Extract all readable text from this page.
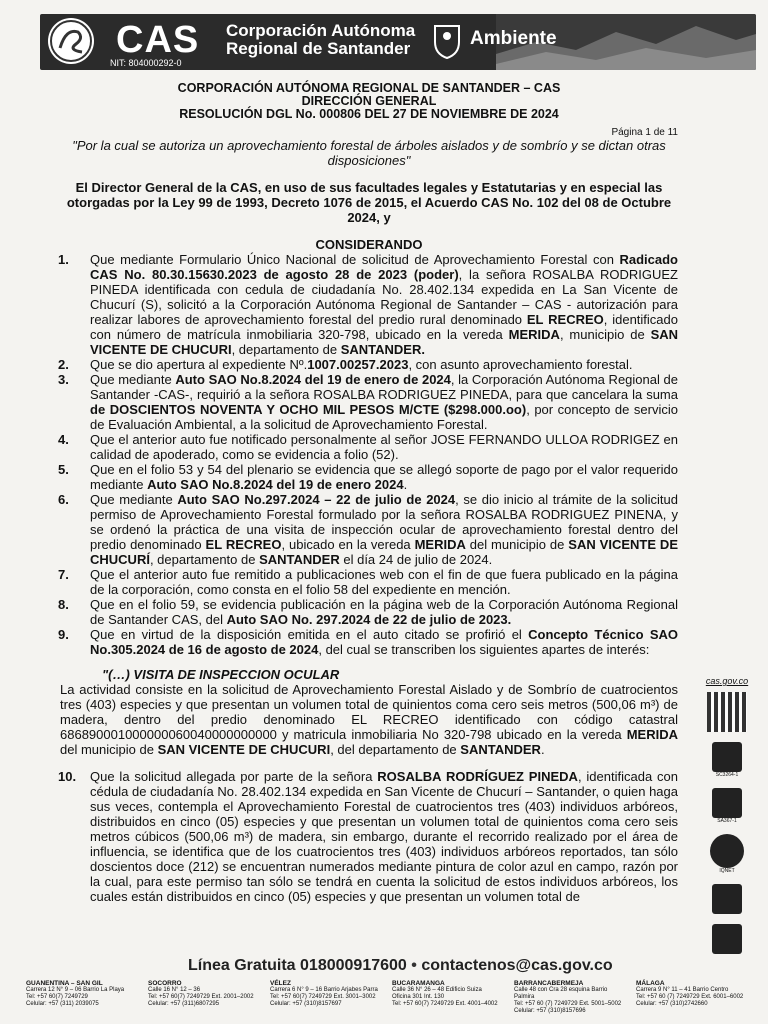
CAS Corporación Autónoma
Regional de Santander
NIT: 804000292-0
Ambiente
CORPORACIÓN AUTÓNOMA REGIONAL DE SANTANDER – CAS
DIRECCIÓN GENERAL
RESOLUCIÓN DGL No. 000806 DEL 27 DE NOVIEMBRE DE 2024
Página 1 de 11
"Por la cual se autoriza un aprovechamiento forestal de árboles aislados y de sombrío y se dictan otras disposiciones"
El Director General de la CAS, en uso de sus facultades legales y Estatutarias y en especial las otorgadas por la Ley 99 de 1993, Decreto 1076 de 2015, el Acuerdo CAS No. 102 del 08 de Octubre 2024, y
CONSIDERANDO
1. Que mediante Formulario Único Nacional de solicitud de Aprovechamiento Forestal con Radicado CAS No. 80.30.15630.2023 de agosto 28 de 2023 (poder), la señora ROSALBA RODRIGUEZ PINEDA identificada con cedula de ciudadanía No. 28.402.134 expedida en La San Vicente de Chucurí (S), solicitó a la Corporación Autónoma Regional de Santander – CAS - autorización para realizar labores de aprovechamiento forestal del predio rural denominado EL RECREO, identificado con número de matrícula inmobiliaria 320-798, ubicado en la vereda MERIDA, municipio de SAN VICENTE DE CHUCURI, departamento de SANTANDER.
2. Que se dio apertura al expediente Nº.1007.00257.2023, con asunto aprovechamiento forestal.
3. Que mediante Auto SAO No.8.2024 del 19 de enero de 2024, la Corporación Autónoma Regional de Santander -CAS-, requirió a la señora ROSALBA RODRIGUEZ PINEDA, para que cancelara la suma de DOSCIENTOS NOVENTA Y OCHO MIL PESOS M/CTE ($298.000.oo), por concepto de servicio de Evaluación Ambiental, a la solicitud de Aprovechamiento Forestal.
4. Que el anterior auto fue notificado personalmente al señor JOSE FERNANDO ULLOA RODRIGEZ en calidad de apoderado, como se evidencia a folio (52).
5. Que en el folio 53 y 54 del plenario se evidencia que se allegó soporte de pago por el valor requerido mediante Auto SAO No.8.2024 del 19 de enero 2024.
6. Que mediante Auto SAO No.297.2024 – 22 de julio de 2024, se dio inicio al trámite de la solicitud permiso de Aprovechamiento Forestal formulado por la señora ROSALBA RODRIGUEZ PINENA, y se ordenó la práctica de una visita de inspección ocular de aprovechamiento forestal dentro del predio denominado EL RECREO, ubicado en la vereda MERIDA del municipio de SAN VICENTE DE CHUCURÍ, departamento de SANTANDER el día 24 de julio de 2024.
7. Que el anterior auto fue remitido a publicaciones web con el fin de que fuera publicado en la página de la corporación, como consta en el folio 58 del expediente en mención.
8. Que en el folio 59, se evidencia publicación en la página web de la Corporación Autónoma Regional de Santander CAS, del Auto SAO No. 297.2024 de 22 de julio de 2023.
9. Que en virtud de la disposición emitida en el auto citado se profirió el Concepto Técnico SAO No.305.2024 de 16 de agosto de 2024, del cual se transcriben los siguientes apartes de interés:
"(…) VISITA DE INSPECCION OCULAR
La actividad consiste en la solicitud de Aprovechamiento Forestal Aislado y de Sombrío de cuatrocientos tres (403) especies y que presentan un volumen total de quinientos coma cero seis metros (500,06 m³) de madera, dentro del predio denominado EL RECREO identificado con código catastral 686890001000000060040000000000 y matricula inmobiliaria No 320-798 ubicado en la vereda MERIDA del municipio de SAN VICENTE DE CHUCURI, del departamento de SANTANDER.
10. Que la solicitud allegada por parte de la señora ROSALBA RODRÍGUEZ PINEDA, identificada con cédula de ciudadanía No. 28.402.134 expedida en San Vicente de Chucurí – Santander, o quien haga sus veces, contempla el Aprovechamiento Forestal de cuatrocientos tres (403) individuos arbóreos, distribuidos en cinco (05) especies y que presentan un volumen total de quinientos coma cero seis metros cúbicos (500,06 m³) de madera, sin embargo, durante el recorrido realizado por el área de influencia, se identifica que de los cuatrocientos tres (403) individuos arbóreos reportados, tan sólo doscientos doce (212) se encuentran numerados mediante pintura de color azul en campo, razón por la cual, para este permiso tan sólo se tendrá en cuenta la solicitud de estos individuos arbóreos, los cuales están distribuidos en cinco (05) especies y que presentan un volumen total de
cas.gov.co
SC3264-1
SA367-1
IQNET
Línea Gratuita 018000917600 • contactenos@cas.gov.co
GUANENTINA – SAN GIL
Carrera 12 N° 9 – 06 Barrio La Playa
Tel: +57 60(7) 7249729
Celular: +57 (311) 2039075
SOCORRO
Calle 16 N° 12 – 36
Tel: +57 60(7) 7249729 Ext. 2001–2002
Celular: +57 (311)6807295
VÉLEZ
Carrera 6 N° 9 – 16 Barrio Arjabes Parra
Tel: +57 60(7) 7249729 Ext. 3001–3002
Celular: +57 (310)8157697
BUCARAMANGA
Calle 36 N° 26 – 48 Edificio Suiza
Oficina 301 Int. 130
Tel: +57 60(7) 7249729 Ext. 4001–4002
BARRANCABERMEJA
Calle 48 con Cra 28 esquina Barrio Palmira
Tel: +57 60 (7) 7249729 Ext. 5001–5002
Celular: +57 (310)8157696
MÁLAGA
Carrera 9 N° 11 – 41 Barrio Centro
Tel: +57 60 (7) 7249729 Ext. 6001–6002
Celular: +57 (310)2742660
